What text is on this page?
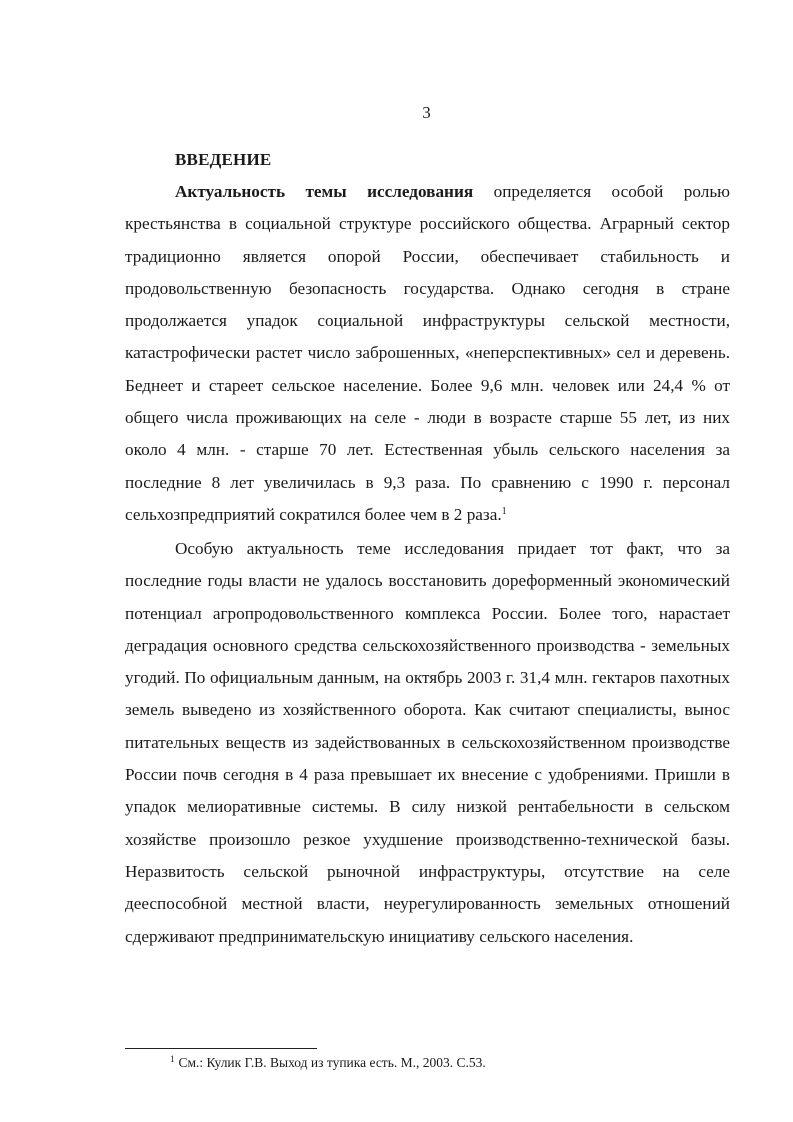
3
ВВЕДЕНИЕ

Актуальность темы исследования определяется особой ролью крестьянства в социальной структуре российского общества. Аграрный сектор традиционно является опорой России, обеспечивает стабильность и продовольственную безопасность государства. Однако сегодня в стране продолжается упадок социальной инфраструктуры сельской местности, катастрофически растет число заброшенных, «неперспективных» сел и деревень. Беднеет и стареет сельское население. Более 9,6 млн. человек или 24,4 % от общего числа проживающих на селе - люди в возрасте старше 55 лет, из них около 4 млн. - старше 70 лет. Естественная убыль сельского населения за последние 8 лет увеличилась в 9,3 раза. По сравнению с 1990 г. персонал сельхозпредприятий сократился более чем в 2 раза.$^1$

Особую актуальность теме исследования придает тот факт, что за последние годы власти не удалось восстановить дореформенный экономический потенциал агропродовольственного комплекса России. Более того, нарастает деградация основного средства сельскохозяйственного производства - земельных угодий. По официальным данным, на октябрь 2003 г. 31,4 млн. гектаров пахотных земель выведено из хозяйственного оборота. Как считают специалисты, вынос питательных веществ из задействованных в сельскохозяйственном производстве России почв сегодня в 4 раза превышает их внесение с удобрениями. Пришли в упадок мелиоративные системы. В силу низкой рентабельности в сельском хозяйстве произошло резкое ухудшение производственно-технической базы. Неразвитость сельской рыночной инфраструктуры, отсутствие на селе дееспособной местной власти, неурегулированность земельных отношений сдерживают предпринимательскую инициативу сельского населения.

$^1$ См.: Кулик Г.В. Выход из тупика есть. М., 2003. С.53.
